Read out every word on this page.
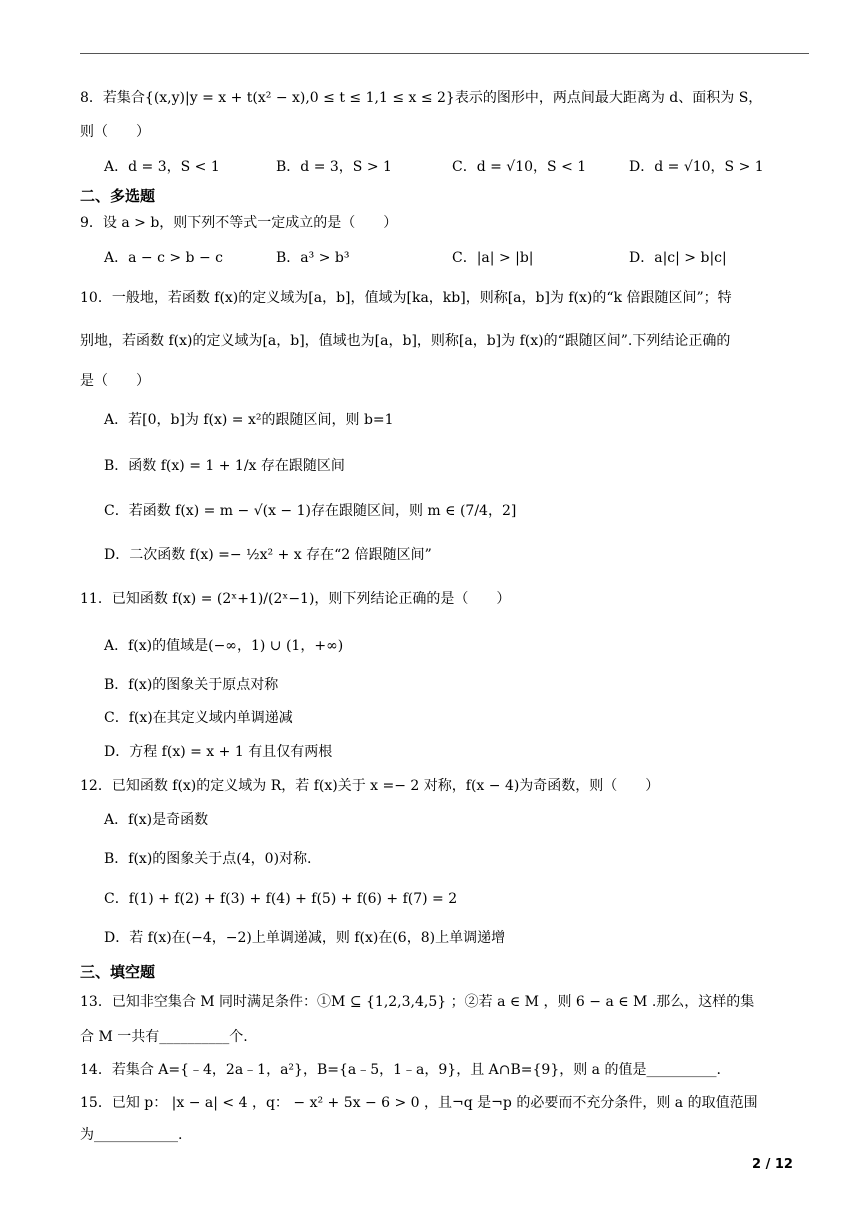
8．若集合{(x,y)|y = x + t(x² − x),0 ≤ t ≤ 1,1 ≤ x ≤ 2}表示的图形中，两点间最大距离为 d、面积为 S，
则（　　）
A．d = 3，S < 1	B．d = 3，S > 1	C．d = √10，S < 1	D．d = √10，S > 1
二、多选题
9．设 a > b，则下列不等式一定成立的是（　　）
A．a − c > b − c	B．a³ > b³	C．|a| > |b|	D．a|c| > b|c|
10．一般地，若函数 f(x)的定义域为[a，b]，值域为[ka，kb]，则称[a，b]为 f(x)的“k 倍跟随区间”；特
别地，若函数 f(x)的定义域为[a，b]，值域也为[a，b]，则称[a，b]为 f(x)的“跟随区间”.下列结论正确的
是（　　）
A．若[0，b]为 f(x) = x²的跟随区间，则 b=1
B．函数 f(x) = 1 + 1/x 存在跟随区间
C．若函数 f(x) = m − √(x − 1)存在跟随区间，则 m ∈ (7/4，2]
D．二次函数 f(x) =− ½x² + x 存在“2 倍跟随区间”
11．已知函数 f(x) = (2ˣ+1)/(2ˣ−1)，则下列结论正确的是（　　）
A．f(x)的值域是(−∞，1) ∪ (1，+∞)
B．f(x)的图象关于原点对称
C．f(x)在其定义域内单调递减
D．方程 f(x) = x + 1 有且仅有两根
12．已知函数 f(x)的定义域为 R，若 f(x)关于 x =− 2 对称，f(x − 4)为奇函数，则（　　）
A．f(x)是奇函数
B．f(x)的图象关于点(4，0)对称.
C．f(1) + f(2) + f(3) + f(4) + f(5) + f(6) + f(7) = 2
D．若 f(x)在(−4，−2)上单调递减，则 f(x)在(6，8)上单调递增
三、填空题
13．已知非空集合 M 同时满足条件：①M ⊆ {1,2,3,4,5} ；②若 a ∈ M ，则 6 − a ∈ M .那么，这样的集
合 M 一共有__________个.
14．若集合 A={﹣4，2a﹣1，a²}，B={a﹣5，1﹣a，9}，且 A∩B={9}，则 a 的值是__________.
15．已知 p： |x − a| < 4 ，q： − x² + 5x − 6 > 0 ，且¬q 是¬p 的必要而不充分条件，则 a 的取值范围
为____________.
2 / 12
